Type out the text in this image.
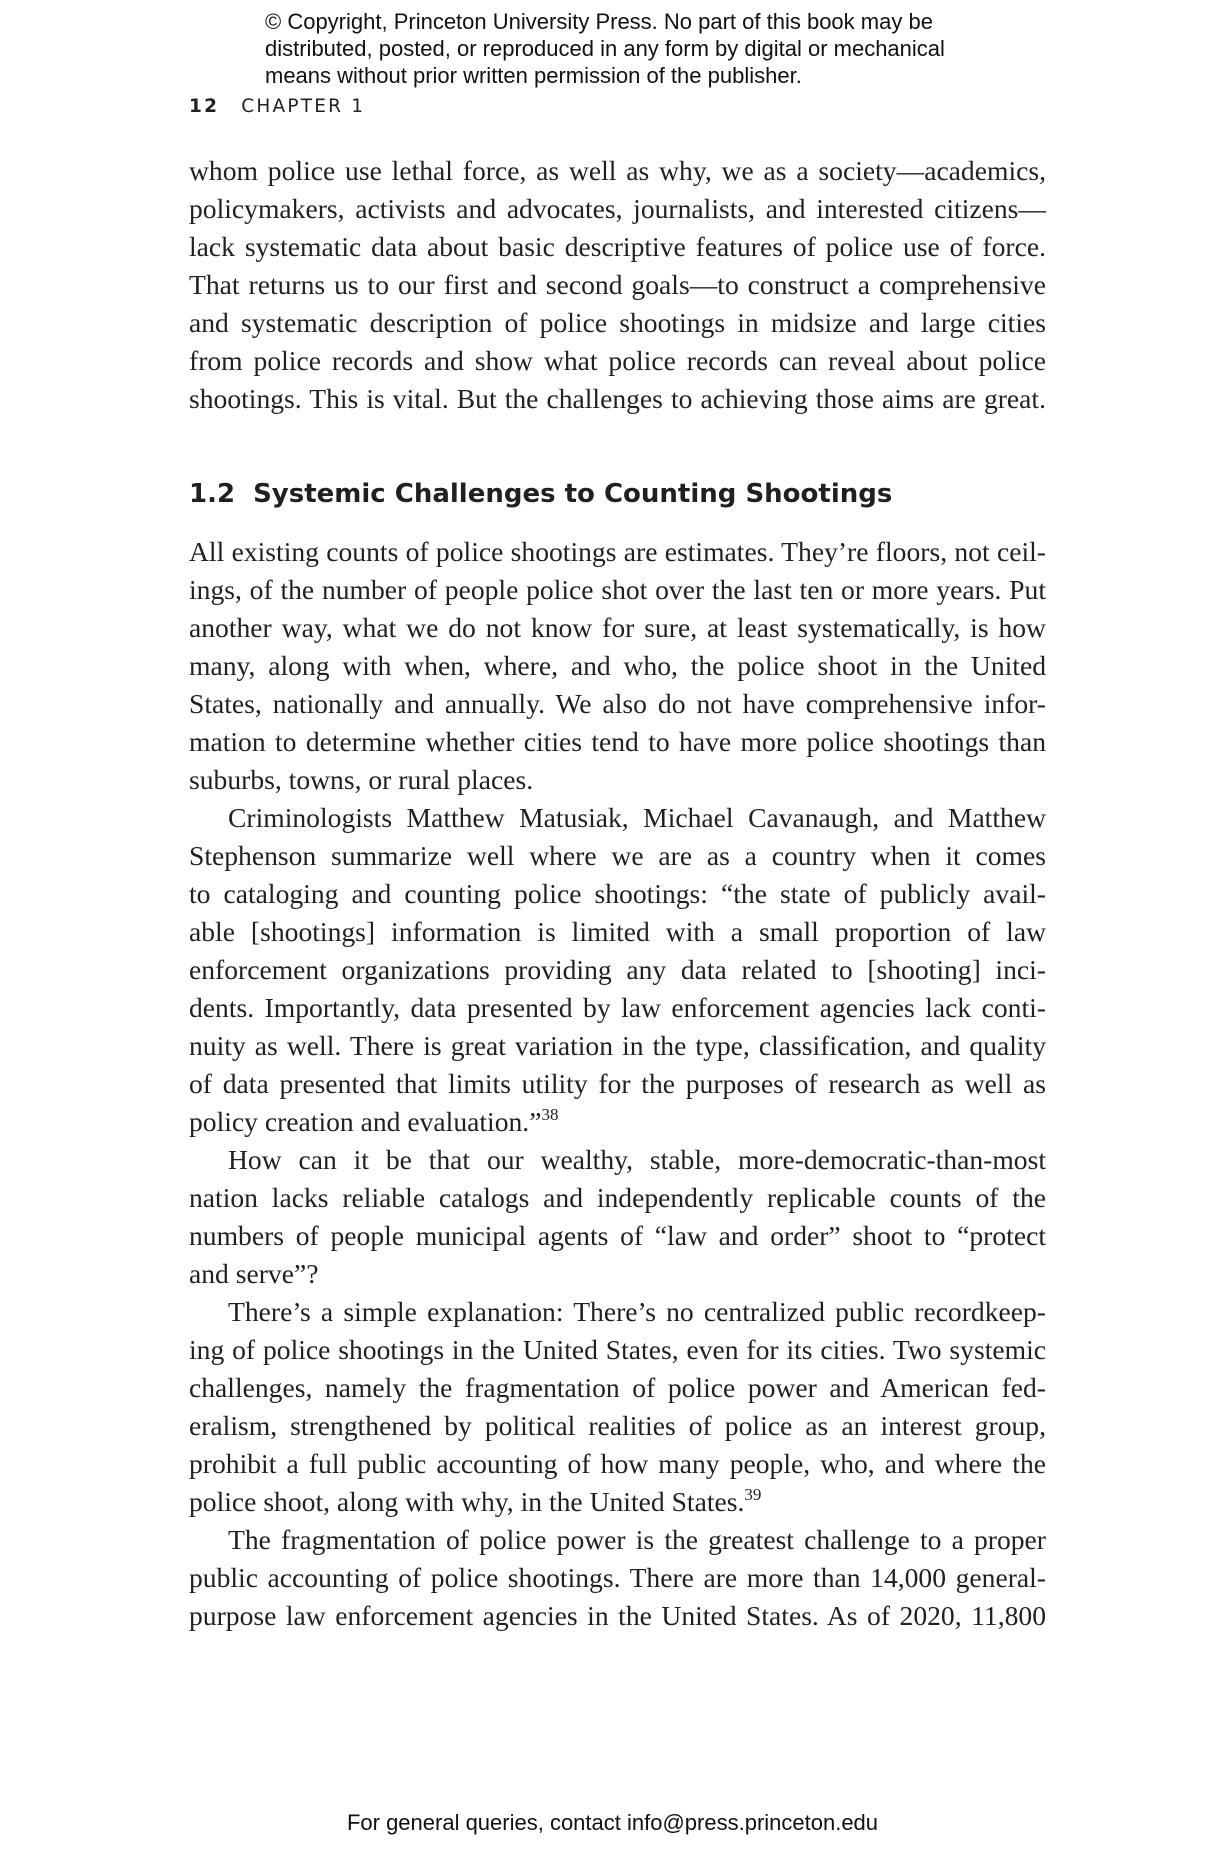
© Copyright, Princeton University Press. No part of this book may be
distributed, posted, or reproduced in any form by digital or mechanical
means without prior written permission of the publisher.
12 CHAPTER 1
whom police use lethal force, as well as why, we as a society—academics,
policymakers, activists and advocates, journalists, and interested citizens—
lack systematic data about basic descriptive features of police use of force.
That returns us to our first and second goals—to construct a comprehensive
and systematic description of police shootings in midsize and large cities
from police records and show what police records can reveal about police
shootings. This is vital. But the challenges to achieving those aims are great.
1.2 Systemic Challenges to Counting Shootings
All existing counts of police shootings are estimates. They’re floors, not ceil-
ings, of the number of people police shot over the last ten or more years. Put
another way, what we do not know for sure, at least systematically, is how
many, along with when, where, and who, the police shoot in the United
States, nationally and annually. We also do not have comprehensive infor-
mation to determine whether cities tend to have more police shootings than
suburbs, towns, or rural places.
Criminologists Matthew Matusiak, Michael Cavanaugh, and Matthew
Stephenson summarize well where we are as a country when it comes
to cataloging and counting police shootings: “the state of publicly avail-
able [shootings] information is limited with a small proportion of law
enforcement organizations providing any data related to [shooting] inci-
dents. Importantly, data presented by law enforcement agencies lack conti-
nuity as well. There is great variation in the type, classification, and quality
of data presented that limits utility for the purposes of research as well as
policy creation and evaluation.”$^{38}$
How can it be that our wealthy, stable, more-democratic-than-most
nation lacks reliable catalogs and independently replicable counts of the
numbers of people municipal agents of “law and order” shoot to “protect
and serve”?
There’s a simple explanation: There’s no centralized public recordkeep-
ing of police shootings in the United States, even for its cities. Two systemic
challenges, namely the fragmentation of police power and American fed-
eralism, strengthened by political realities of police as an interest group,
prohibit a full public accounting of how many people, who, and where the
police shoot, along with why, in the United States.$^{39}$
The fragmentation of police power is the greatest challenge to a proper
public accounting of police shootings. There are more than 14,000 general-
purpose law enforcement agencies in the United States. As of 2020, 11,800
For general queries, contact info@press.princeton.edu
